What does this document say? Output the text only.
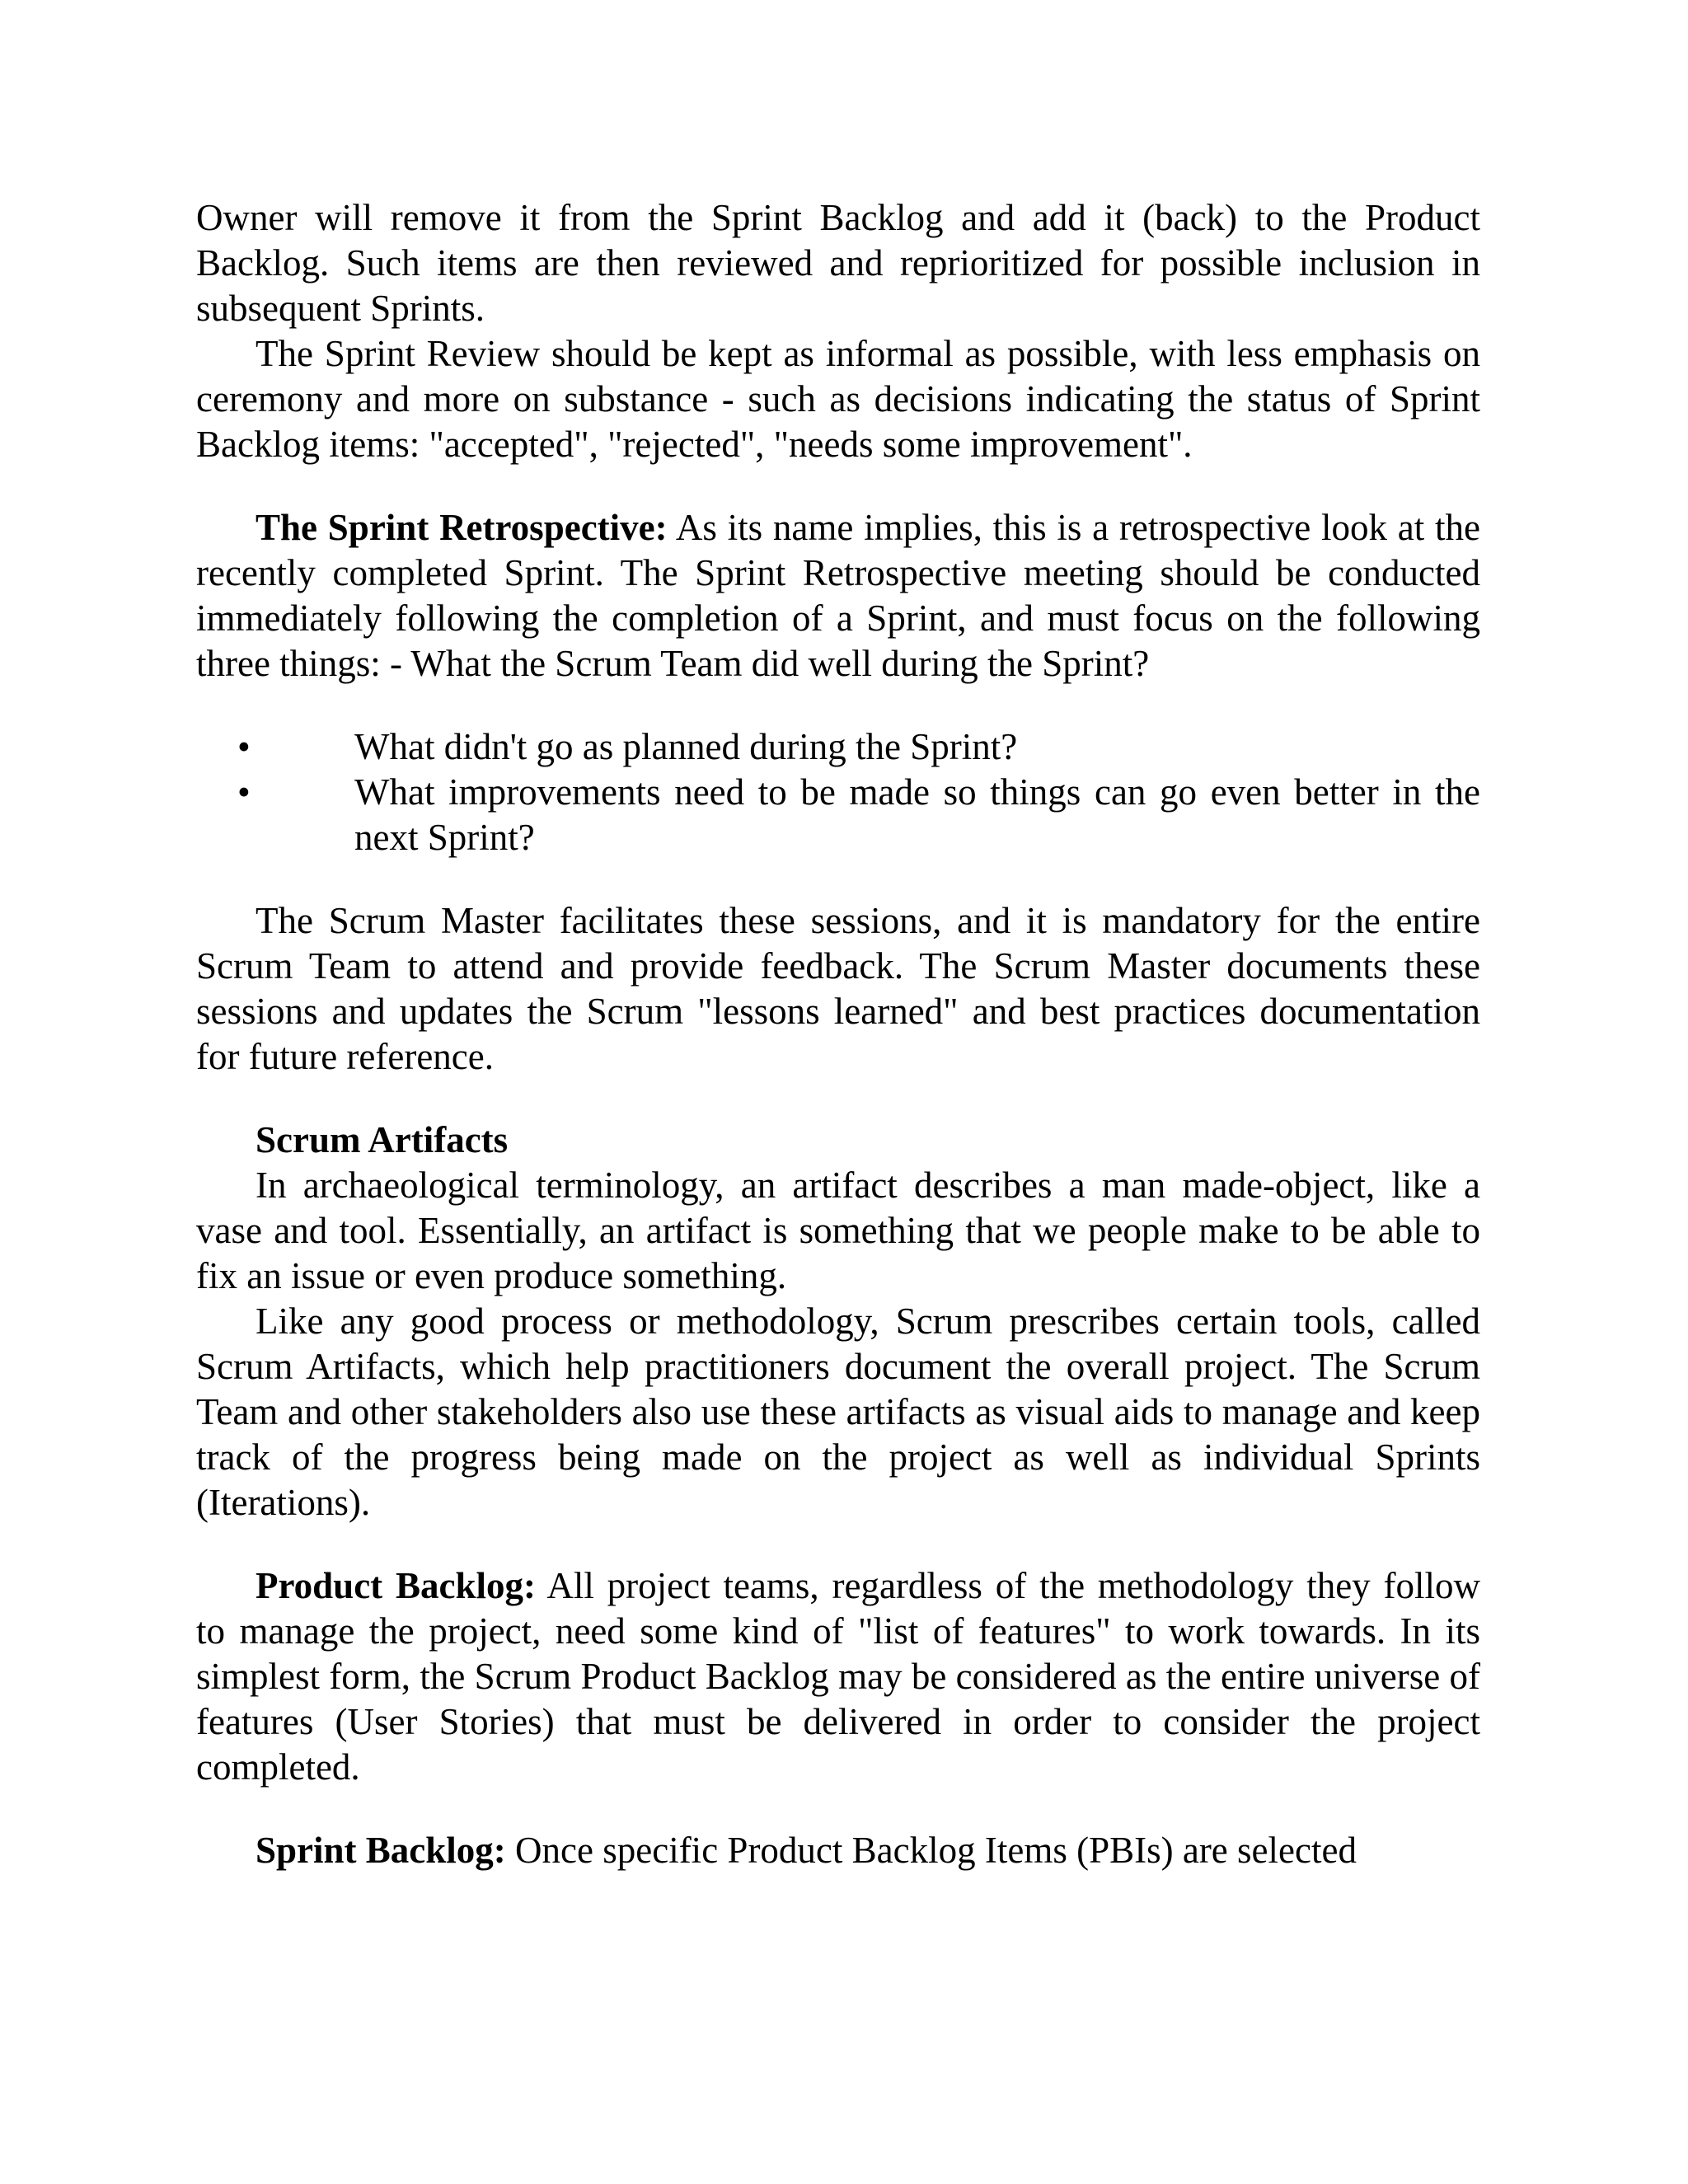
Owner will remove it from the Sprint Backlog and add it (back) to the Product Backlog. Such items are then reviewed and reprioritized for possible inclusion in subsequent Sprints.

The Sprint Review should be kept as informal as possible, with less emphasis on ceremony and more on substance - such as decisions indicating the status of Sprint Backlog items: "accepted", "rejected", "needs some improvement".

The Sprint Retrospective: As its name implies, this is a retrospective look at the recently completed Sprint. The Sprint Retrospective meeting should be conducted immediately following the completion of a Sprint, and must focus on the following three things: - What the Scrum Team did well during the Sprint?

•	What didn't go as planned during the Sprint?
•	What improvements need to be made so things can go even better in the next Sprint?

The Scrum Master facilitates these sessions, and it is mandatory for the entire Scrum Team to attend and provide feedback. The Scrum Master documents these sessions and updates the Scrum "lessons learned" and best practices documentation for future reference.

Scrum Artifacts

In archaeological terminology, an artifact describes a man made-object, like a vase and tool. Essentially, an artifact is something that we people make to be able to fix an issue or even produce something.

Like any good process or methodology, Scrum prescribes certain tools, called Scrum Artifacts, which help practitioners document the overall project. The Scrum Team and other stakeholders also use these artifacts as visual aids to manage and keep track of the progress being made on the project as well as individual Sprints (Iterations).

Product Backlog: All project teams, regardless of the methodology they follow to manage the project, need some kind of "list of features" to work towards. In its simplest form, the Scrum Product Backlog may be considered as the entire universe of features (User Stories) that must be delivered in order to consider the project completed.

Sprint Backlog: Once specific Product Backlog Items (PBIs) are selected
